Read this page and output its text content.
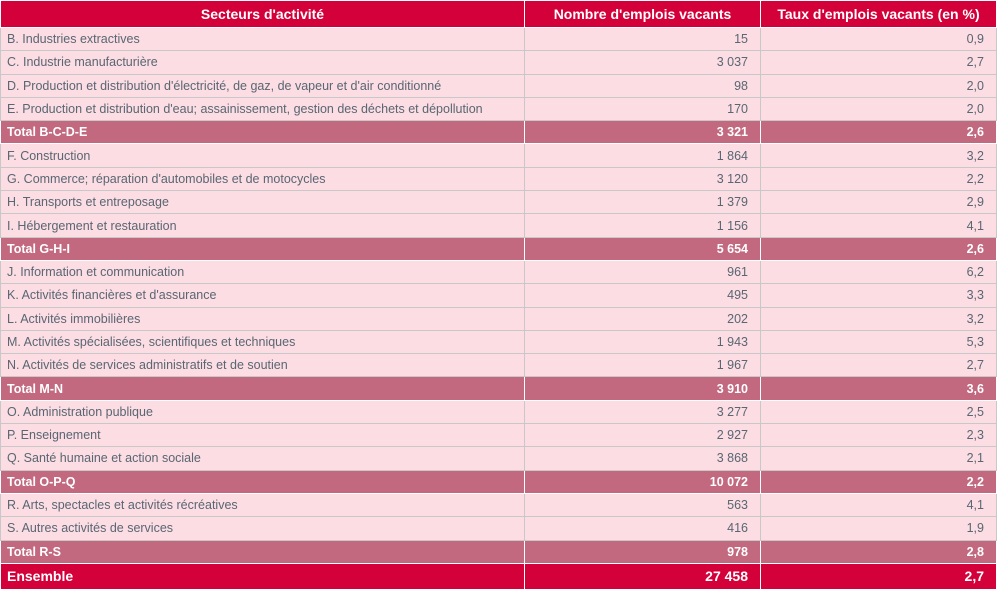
Secteurs d'activité	Nombre d'emplois vacants	Taux d'emplois vacants (en %)
B. Industries extractives	15	0,9
C. Industrie manufacturière	3 037	2,7
D. Production et distribution d'électricité, de gaz, de vapeur et d'air conditionné	98	2,0
E. Production et distribution d'eau; assainissement, gestion des déchets et dépollution	170	2,0
Total B-C-D-E	3 321	2,6
F. Construction	1 864	3,2
G. Commerce; réparation d'automobiles et de motocycles	3 120	2,2
H. Transports et entreposage	1 379	2,9
I. Hébergement et restauration	1 156	4,1
Total G-H-I	5 654	2,6
J. Information et communication	961	6,2
K. Activités financières et d'assurance	495	3,3
L. Activités immobilières	202	3,2
M. Activités spécialisées, scientifiques et techniques	1 943	5,3
N. Activités de services administratifs et de soutien	1 967	2,7
Total M-N	3 910	3,6
O. Administration publique	3 277	2,5
P. Enseignement	2 927	2,3
Q. Santé humaine et action sociale	3 868	2,1
Total O-P-Q	10 072	2,2
R. Arts, spectacles et activités récréatives	563	4,1
S. Autres activités de services	416	1,9
Total R-S	978	2,8
Ensemble	27 458	2,7
